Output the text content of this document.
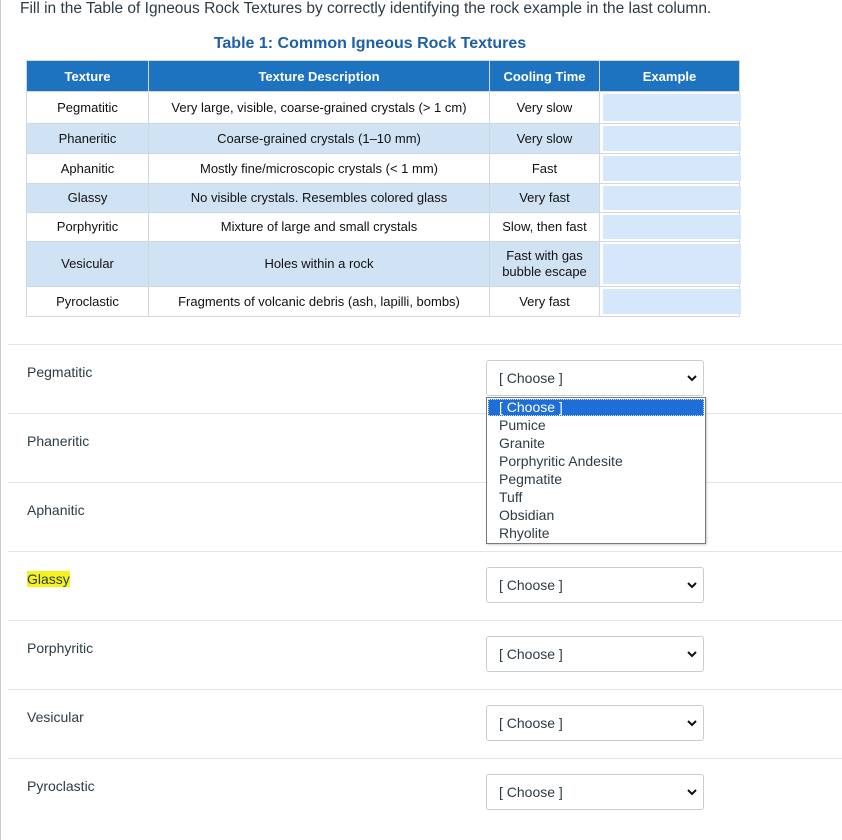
Fill in the Table of Igneous Rock Textures by correctly identifying the rock example in the last column.
Table 1: Common Igneous Rock Textures
Texture	Texture Description	Cooling Time	Example
Pegmatitic	Very large, visible, coarse-grained crystals (> 1 cm)	Very slow	

Phaneritic	Coarse-grained crystals (1–10 mm)	Very slow	

Aphanitic	Mostly fine/microscopic crystals (< 1 mm)	Fast	

Glassy	No visible crystals. Resembles colored glass	Very fast	

Porphyritic	Mixture of large and small crystals	Slow, then fast	

Vesicular	Holes within a rock	Fast with gas bubble escape	

Pyroclastic	Fragments of volcanic debris (ash, lapilli, bombs)	Very fast	
Pegmatitic	[ Choose ]
Phaneritic
Aphanitic
Glassy	[ Choose ]
Porphyritic	[ Choose ]
Vesicular	[ Choose ]
Pyroclastic	[ Choose ]
[ Choose ]
Pumice
Granite
Porphyritic Andesite
Pegmatite
Tuff
Obsidian
Rhyolite
